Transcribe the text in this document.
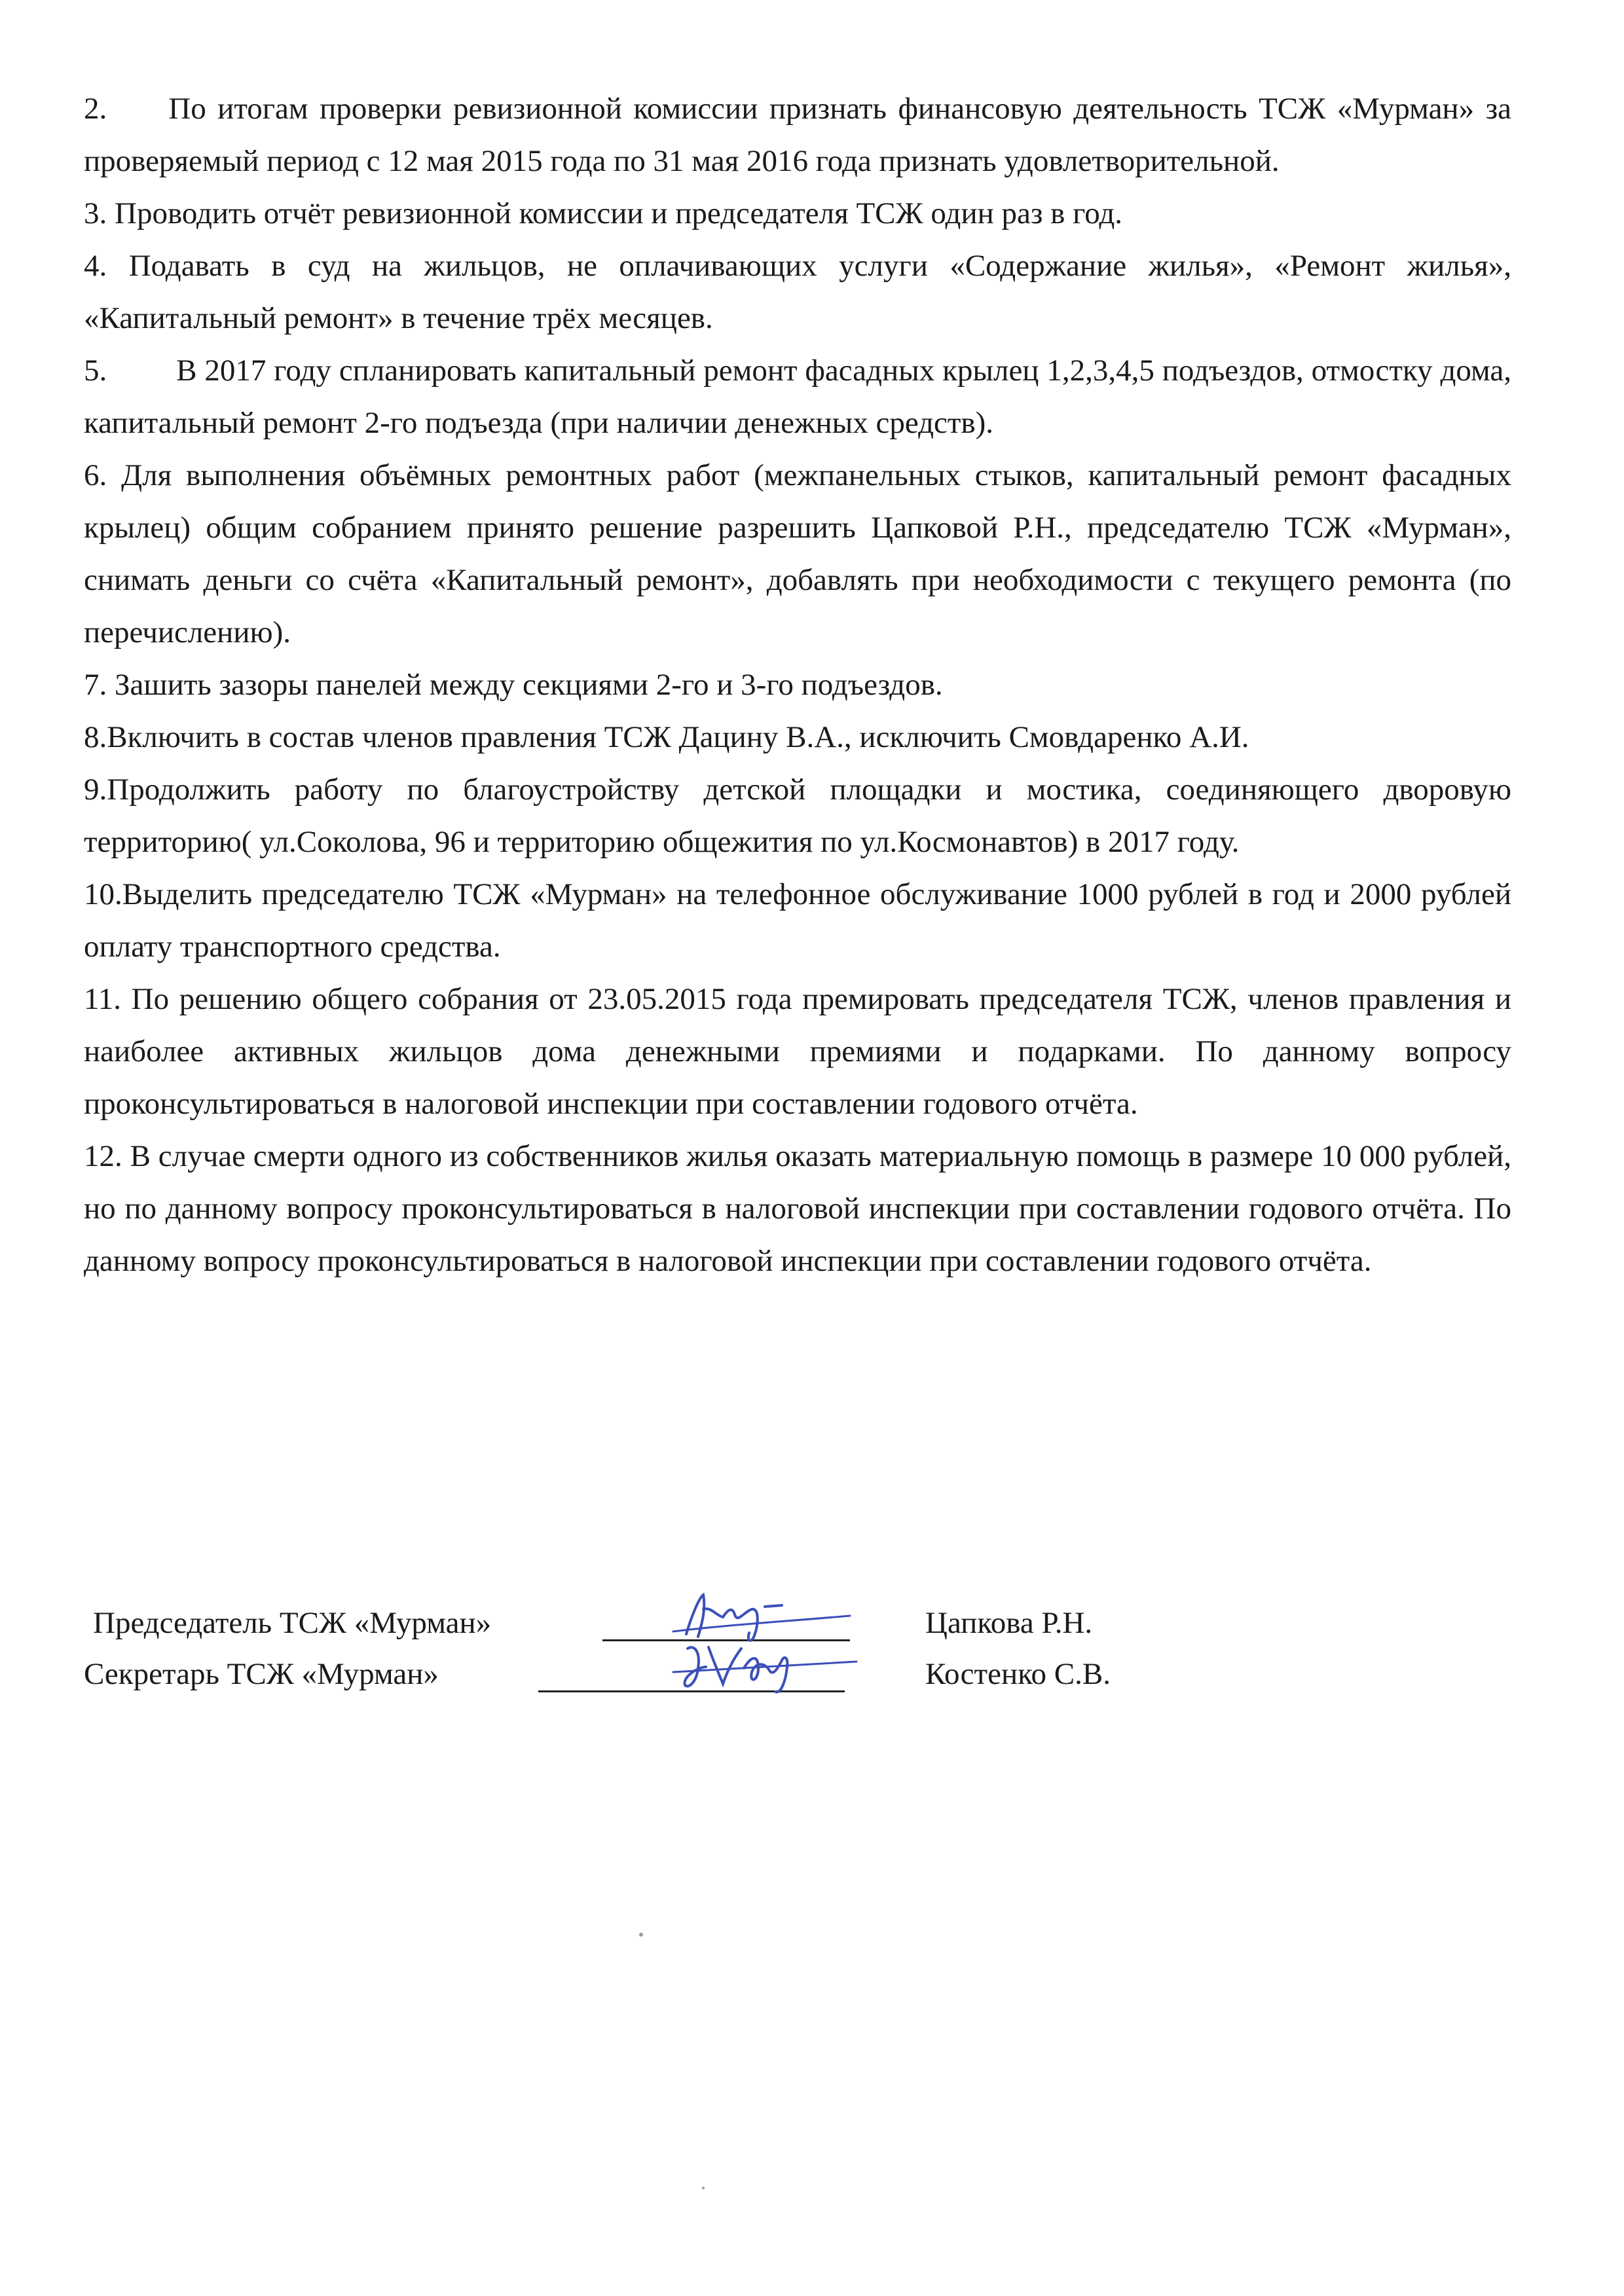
2.  По итогам проверки ревизионной комиссии признать финансовую деятельность ТСЖ «Мурман» за проверяемый период с 12 мая 2015 года по 31 мая 2016 года признать удовлетворительной.

3. Проводить отчёт ревизионной комиссии и председателя ТСЖ один раз в год.

4. Подавать в суд на жильцов, не оплачивающих услуги «Содержание жилья», «Ремонт жилья», «Капитальный ремонт» в течение трёх месяцев.

5.   В 2017 году спланировать капитальный ремонт фасадных крылец 1,2,3,4,5 подъездов, отмостку дома, капитальный ремонт 2-го подъезда (при наличии денежных средств).

6. Для выполнения объёмных ремонтных работ (межпанельных стыков, капитальный ремонт фасадных крылец) общим собранием принято решение разрешить Цапковой Р.Н., председателю ТСЖ «Мурман», снимать деньги со счёта «Капитальный ремонт», добавлять при необходимости с текущего ремонта (по перечислению).

7. Зашить зазоры панелей между секциями 2-го и 3-го подъездов.

8.Включить в состав членов правления ТСЖ Дацину В.А., исключить Смовдаренко А.И.

9.Продолжить работу по благоустройству детской площадки и мостика, соединяющего дворовую территорию( ул.Соколова, 96 и территорию общежития по ул.Космонавтов) в 2017 году.

10.Выделить председателю ТСЖ «Мурман» на телефонное обслуживание 1000 рублей в год и 2000 рублей оплату транспортного средства.

11. По решению общего собрания от 23.05.2015 года премировать председателя ТСЖ, членов правления и наиболее активных жильцов дома денежными премиями и подарками. По данному вопросу проконсультироваться в налоговой инспекции при составлении годового отчёта.

12. В случае смерти одного из собственников жилья оказать материальную помощь в размере 10 000 рублей, но по данному вопросу проконсультироваться в налоговой инспекции при составлении годового отчёта. По данному вопросу проконсультироваться в налоговой инспекции при составлении годового отчёта.

Председатель ТСЖ «Мурман»	Цапкова Р.Н.
Секретарь ТСЖ «Мурман»	Костенко С.В.
